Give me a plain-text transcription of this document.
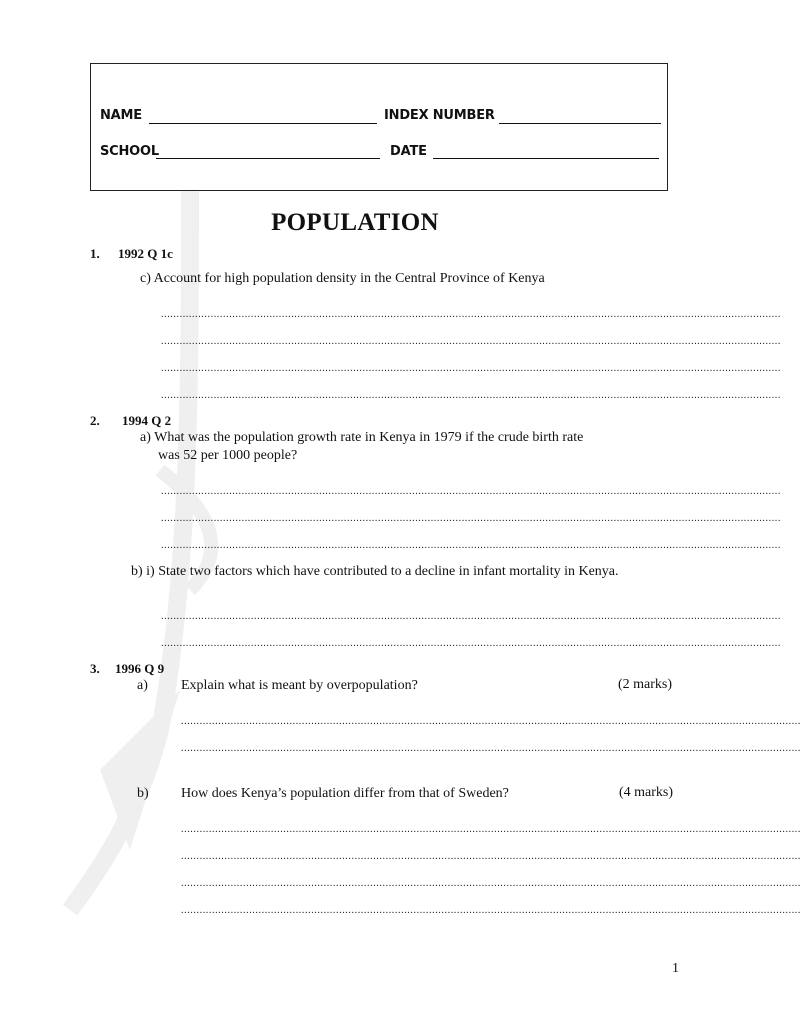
NAME	INDEX NUMBER
SCHOOL	DATE
POPULATION
1. 1992 Q 1c
c) Account for high population density in the Central Province of Kenya
........................................................................................................................................................................................................
........................................................................................................................................................................................................
........................................................................................................................................................................................................
........................................................................................................................................................................................................
2. 1994 Q 2
a) What was the population growth rate in Kenya in 1979 if the crude birth rate
was 52 per 1000 people?
........................................................................................................................................................................................................
........................................................................................................................................................................................................
........................................................................................................................................................................................................
b) i) State two factors which have contributed to a decline in infant mortality in Kenya.
........................................................................................................................................................................................................
........................................................................................................................................................................................................
3. 1996 Q 9
a) Explain what is meant by overpopulation?	(2 marks)
........................................................................................................................................................................................................
........................................................................................................................................................................................................
b) How does Kenya’s population differ from that of Sweden?	(4 marks)
........................................................................................................................................................................................................
........................................................................................................................................................................................................
........................................................................................................................................................................................................
........................................................................................................................................................................................................
1
